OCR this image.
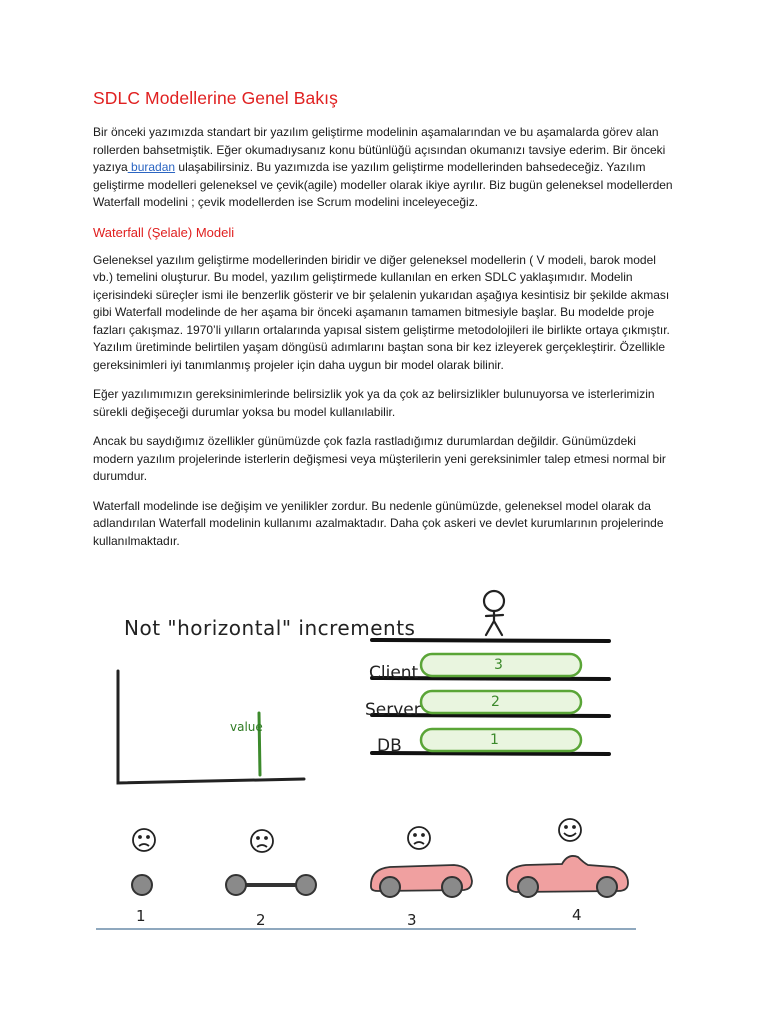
SDLC Modellerine Genel Bakış

Bir önceki yazımızda standart bir yazılım geliştirme modelinin aşamalarından ve bu aşamalarda görev alan rollerden bahsetmiştik. Eğer okumadıysanız konu bütünlüğü açısından okumanızı tavsiye ederim. Bir önceki yazıya buradan ulaşabilirsiniz. Bu yazımızda ise yazılım geliştirme modellerinden bahsedeceğiz. Yazılım geliştirme modelleri geleneksel ve çevik(agile) modeller olarak ikiye ayrılır. Biz bugün geleneksel modellerden Waterfall modelini ; çevik modellerden ise Scrum modelini inceleyeceğiz.

Waterfall (Şelale) Modeli

Geleneksel yazılım geliştirme modellerinden biridir ve diğer geleneksel modellerin ( V modeli, barok model vb.) temelini oluşturur. Bu model, yazılım geliştirmede kullanılan en erken SDLC yaklaşımıdır. Modelin içerisindeki süreçler ismi ile benzerlik gösterir ve bir şelalenin yukarıdan aşağıya kesintisiz bir şekilde akması gibi Waterfall modelinde de her aşama bir önceki aşamanın tamamen bitmesiyle başlar. Bu modelde proje fazları çakışmaz. 1970’li yılların ortalarında yapısal sistem geliştirme metodolojileri ile birlikte ortaya çıkmıştır. Yazılım üretiminde belirtilen yaşam döngüsü adımlarını baştan sona bir kez izleyerek gerçekleştirir. Özellikle gereksinimleri iyi tanımlanmış projeler için daha uygun bir model olarak bilinir.

Eğer yazılımımızın gereksinimlerinde belirsizlik yok ya da çok az belirsizlikler bulunuyorsa ve isterlerimizin sürekli değişeceği durumlar yoksa bu model kullanılabilir.

Ancak bu saydığımız özellikler günümüzde çok fazla rastladığımız durumlardan değildir. Günümüzdeki modern yazılım projelerinde isterlerin değişmesi veya müşterilerin yeni gereksinimler talep etmesi normal bir durumdur.

Waterfall modelinde ise değişim ve yenilikler zordur. Bu nedenle günümüzde, geleneksel model olarak da adlandırılan Waterfall modelinin kullanımı azalmaktadır. Daha çok askeri ve devlet kurumlarının projelerinde kullanılmaktadır.

Not "horizontal" increments
value
Client	3
Server	2
DB	1
1	2	3	4
